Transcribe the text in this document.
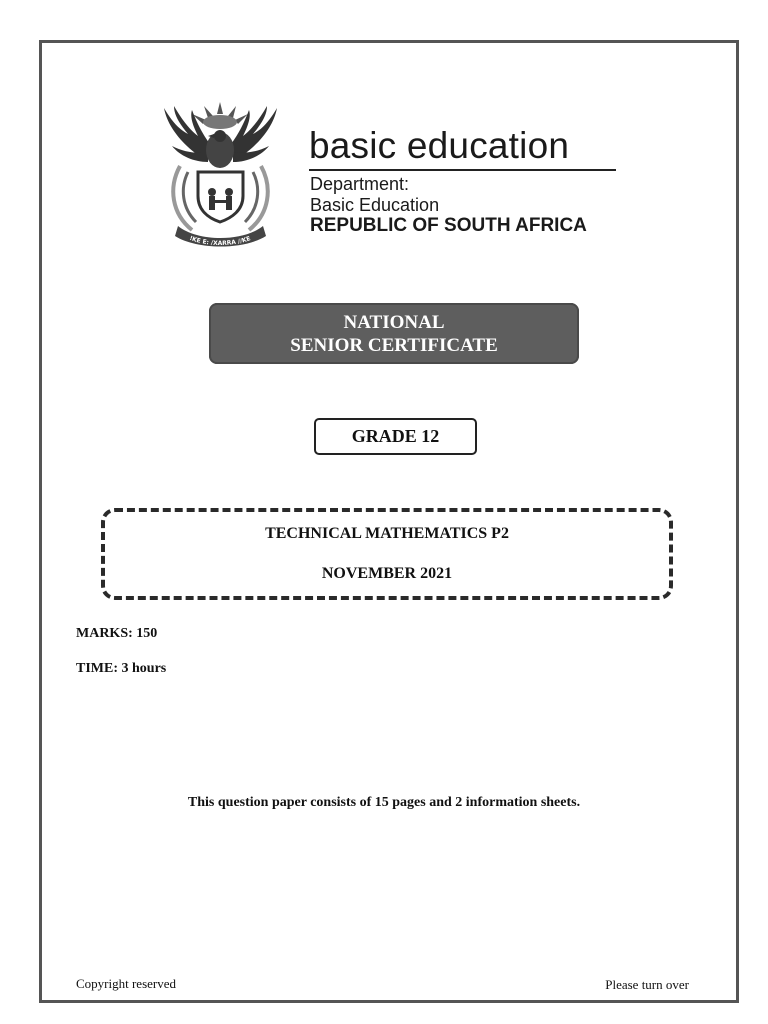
!KE E: /XARRA //KE
basic education
Department:
Basic Education
REPUBLIC OF SOUTH AFRICA
NATIONAL
SENIOR CERTIFICATE
GRADE 12
TECHNICAL MATHEMATICS P2
NOVEMBER 2021
MARKS: 150
TIME: 3 hours
This question paper consists of 15 pages and 2 information sheets.
Copyright reserved	Please turn over
